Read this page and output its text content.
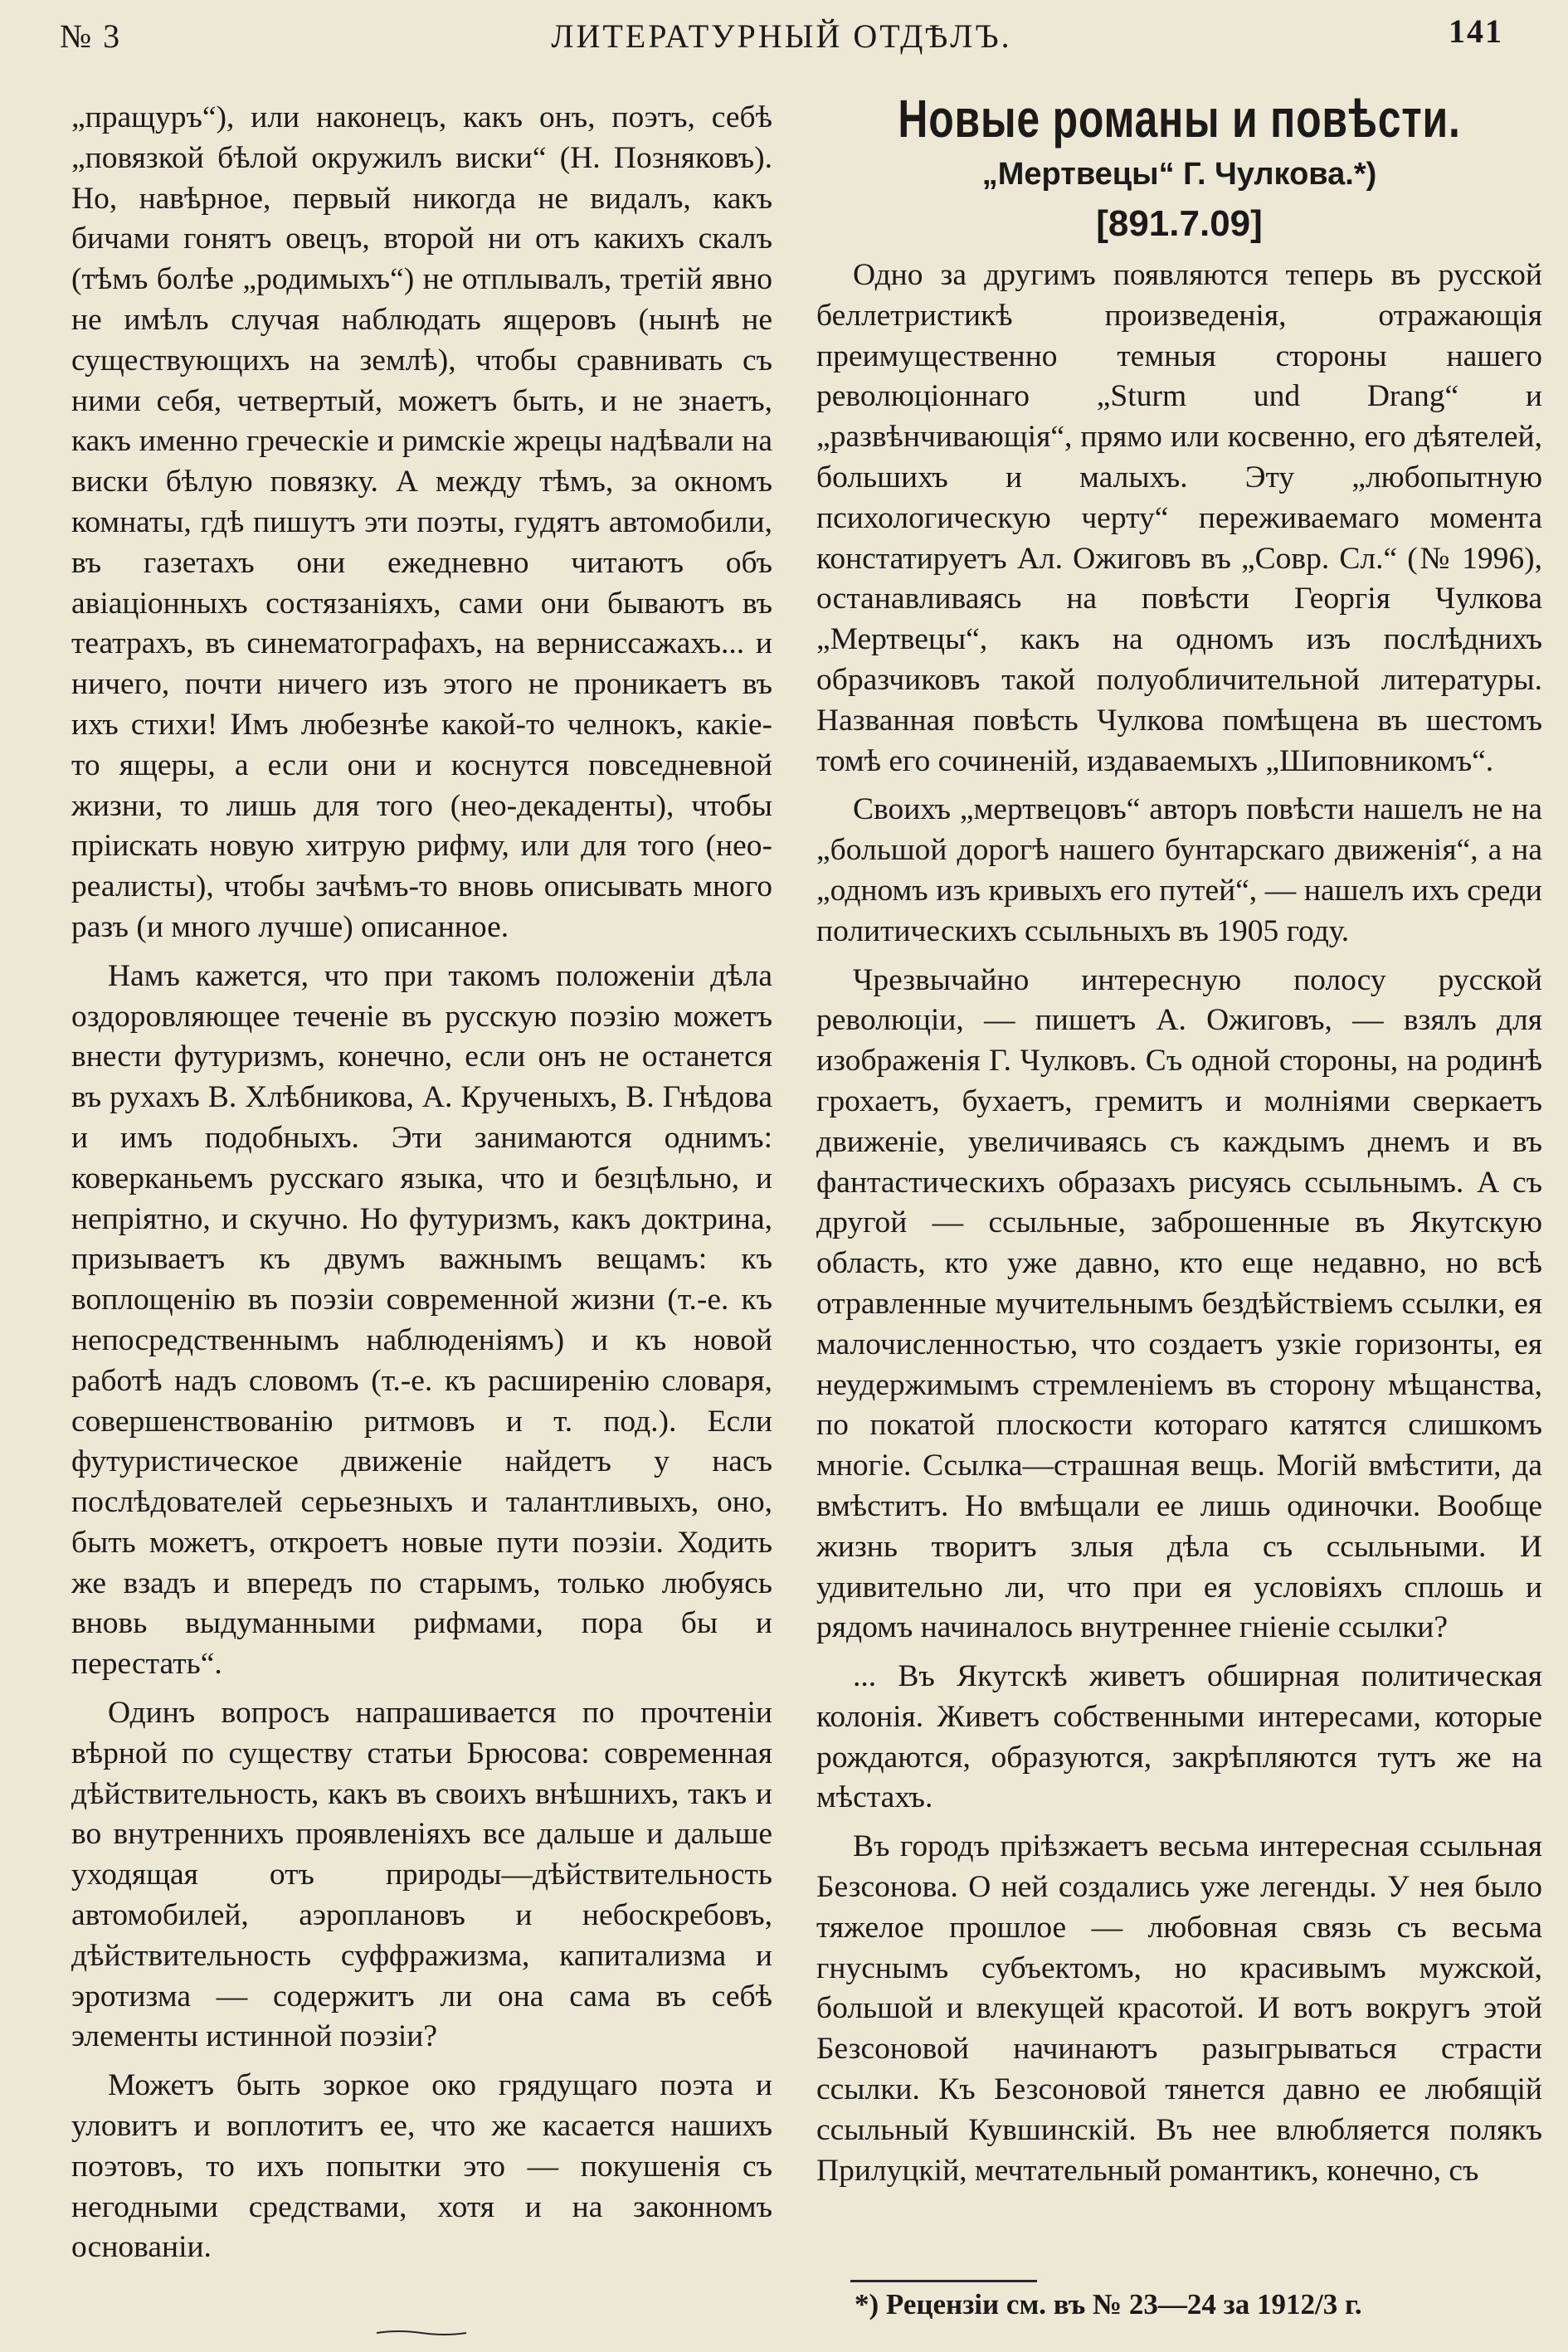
№ 3	ЛИТЕРАТУРНЫЙ ОТДѢЛЪ.	141

„пращуръ“), или наконецъ, какъ онъ, поэтъ, себѣ „повязкой бѣлой окружилъ виски“ (Н. Позняковъ). Но, навѣрное, первый никогда не видалъ, какъ бичами гонятъ овецъ, второй ни отъ какихъ скалъ (тѣмъ болѣе „родимыхъ“) не отплывалъ, третій явно не имѣлъ случая наблюдать ящеровъ (нынѣ не существующихъ на землѣ), чтобы сравнивать съ ними себя, четвертый, можетъ быть, и не знаетъ, какъ именно греческіе и римскіе жрецы надѣвали на виски бѣлую повязку. А между тѣмъ, за окномъ комнаты, гдѣ пишутъ эти поэты, гудятъ автомобили, въ газетахъ они ежедневно читаютъ объ авіаціонныхъ состязаніяхъ, сами они бываютъ въ театрахъ, въ синематографахъ, на вернисcажахъ... и ничего, почти ничего изъ этого не проникаетъ въ ихъ стихи! Имъ любезнѣе какой-то челнокъ, какіе-то ящеры, а если они и коснутся повседневной жизни, то лишь для того (нео-декаденты), чтобы пріискать новую хитрую рифму, или для того (нео-реалисты), чтобы зачѣмъ-то вновь описывать много разъ (и много лучше) описанное.

Намъ кажется, что при такомъ положеніи дѣла оздоровляющее теченіе въ русскую поэзію можетъ внести футуризмъ, конечно, если онъ не останется въ рухахъ В. Хлѣбникова, А. Крученыхъ, В. Гнѣдова и имъ подобныхъ. Эти занимаются однимъ: коверканьемъ русскаго языка, что и безцѣльно, и непріятно, и скучно. Но футуризмъ, какъ доктрина, призываетъ къ двумъ важнымъ вещамъ: къ воплощенію въ поэзіи современной жизни (т.-е. къ непосредственнымъ наблюденіямъ) и къ новой работѣ надъ словомъ (т.-е. къ расширенію словаря, совершенствованію ритмовъ и т. под.). Если футуристическое движеніе найдетъ у насъ послѣдователей серьезныхъ и талантливыхъ, оно, быть можетъ, откроетъ новые пути поэзіи. Ходить же взадъ и впередъ по старымъ, только любуясь вновь выдуманными рифмами, пора бы и перестать“.

Одинъ вопросъ напрашивается по прочтеніи вѣрной по существу статьи Брюсова: современная дѣйствительность, какъ въ своихъ внѣшнихъ, такъ и во внутреннихъ проявленіяхъ все дальше и дальше уходящая отъ природы—дѣйствительность автомобилей, аэроплановъ и небоскребовъ, дѣйствительность суффражизма, капитализма и эротизма — содержитъ ли она сама въ себѣ элементы истинной поэзіи?

Можетъ быть зоркое око грядущаго поэта и уловитъ и воплотитъ ее, что же касается нашихъ поэтовъ, то ихъ попытки это — покушенія съ негодными средствами, хотя и на законномъ основаніи.

Новые романы и повѣсти.
„Мертвецы“ Г. Чулкова.*)
[891.7.09]

Одно за другимъ появляются теперь въ русской беллетристикѣ произведенія, отражающія преимущественно темныя стороны нашего революціоннаго „Sturm und Drang“ и „развѣнчивающія“, прямо или косвенно, его дѣятелей, большихъ и малыхъ. Эту „любопытную психологическую черту“ переживаемаго момента констатируетъ Ал. Ожиговъ въ „Совр. Сл.“ (№ 1996), останавливаясь на повѣсти Георгія Чулкова „Мертвецы“, какъ на одномъ изъ послѣднихъ образчиковъ такой полуобличительной литературы. Названная повѣсть Чулкова помѣщена въ шестомъ томѣ его сочиненій, издаваемыхъ „Шиповникомъ“.

Своихъ „мертвецовъ“ авторъ повѣсти нашелъ не на „большой дорогѣ нашего бунтарскаго движенія“, а на „одномъ изъ кривыхъ его путей“, — нашелъ ихъ среди политическихъ ссыльныхъ въ 1905 году.

Чрезвычайно интересную полосу русской революціи, — пишетъ А. Ожиговъ, — взялъ для изображенія Г. Чулковъ. Съ одной стороны, на родинѣ грохаетъ, бухаетъ, гремитъ и молніями сверкаетъ движеніе, увеличиваясь съ каждымъ днемъ и въ фантастическихъ образахъ рисуясь ссыльнымъ. А съ другой — ссыльные, заброшенные въ Якутскую область, кто уже давно, кто еще недавно, но всѣ отравленные мучительнымъ бездѣйствіемъ ссылки, ея малочисленностью, что создаетъ узкіе горизонты, ея неудержимымъ стремленіемъ въ сторону мѣщанства, по покатой плоскости котораго катятся слишкомъ многіе. Ссылка—страшная вещь. Могій вмѣстити, да вмѣститъ. Но вмѣщали ее лишь одиночки. Вообще жизнь творитъ злыя дѣла съ ссыльными. И удивительно ли, что при ея условіяхъ сплошь и рядомъ начиналось внутреннее гніеніе ссылки?

... Въ Якутскѣ живетъ обширная политическая колонія. Живетъ собственными интересами, которые рождаются, образуются, закрѣпляются тутъ же на мѣстахъ.

Въ городъ пріѣзжаетъ весьма интересная ссыльная Безсонова. О ней создались уже легенды. У нея было тяжелое прошлое — любовная связь съ весьма гнуснымъ субъектомъ, но красивымъ мужской, большой и влекущей красотой. И вотъ вокругъ этой Безсоновой начинаютъ разыгрываться страсти ссылки. Къ Безсоновой тянется давно ее любящій ссыльный Кувшинскій. Въ нее влюбляется полякъ Прилуцкій, мечтательный романтикъ, конечно, съ

*) Рецензіи см. въ № 23—24 за 1912/3 г.
